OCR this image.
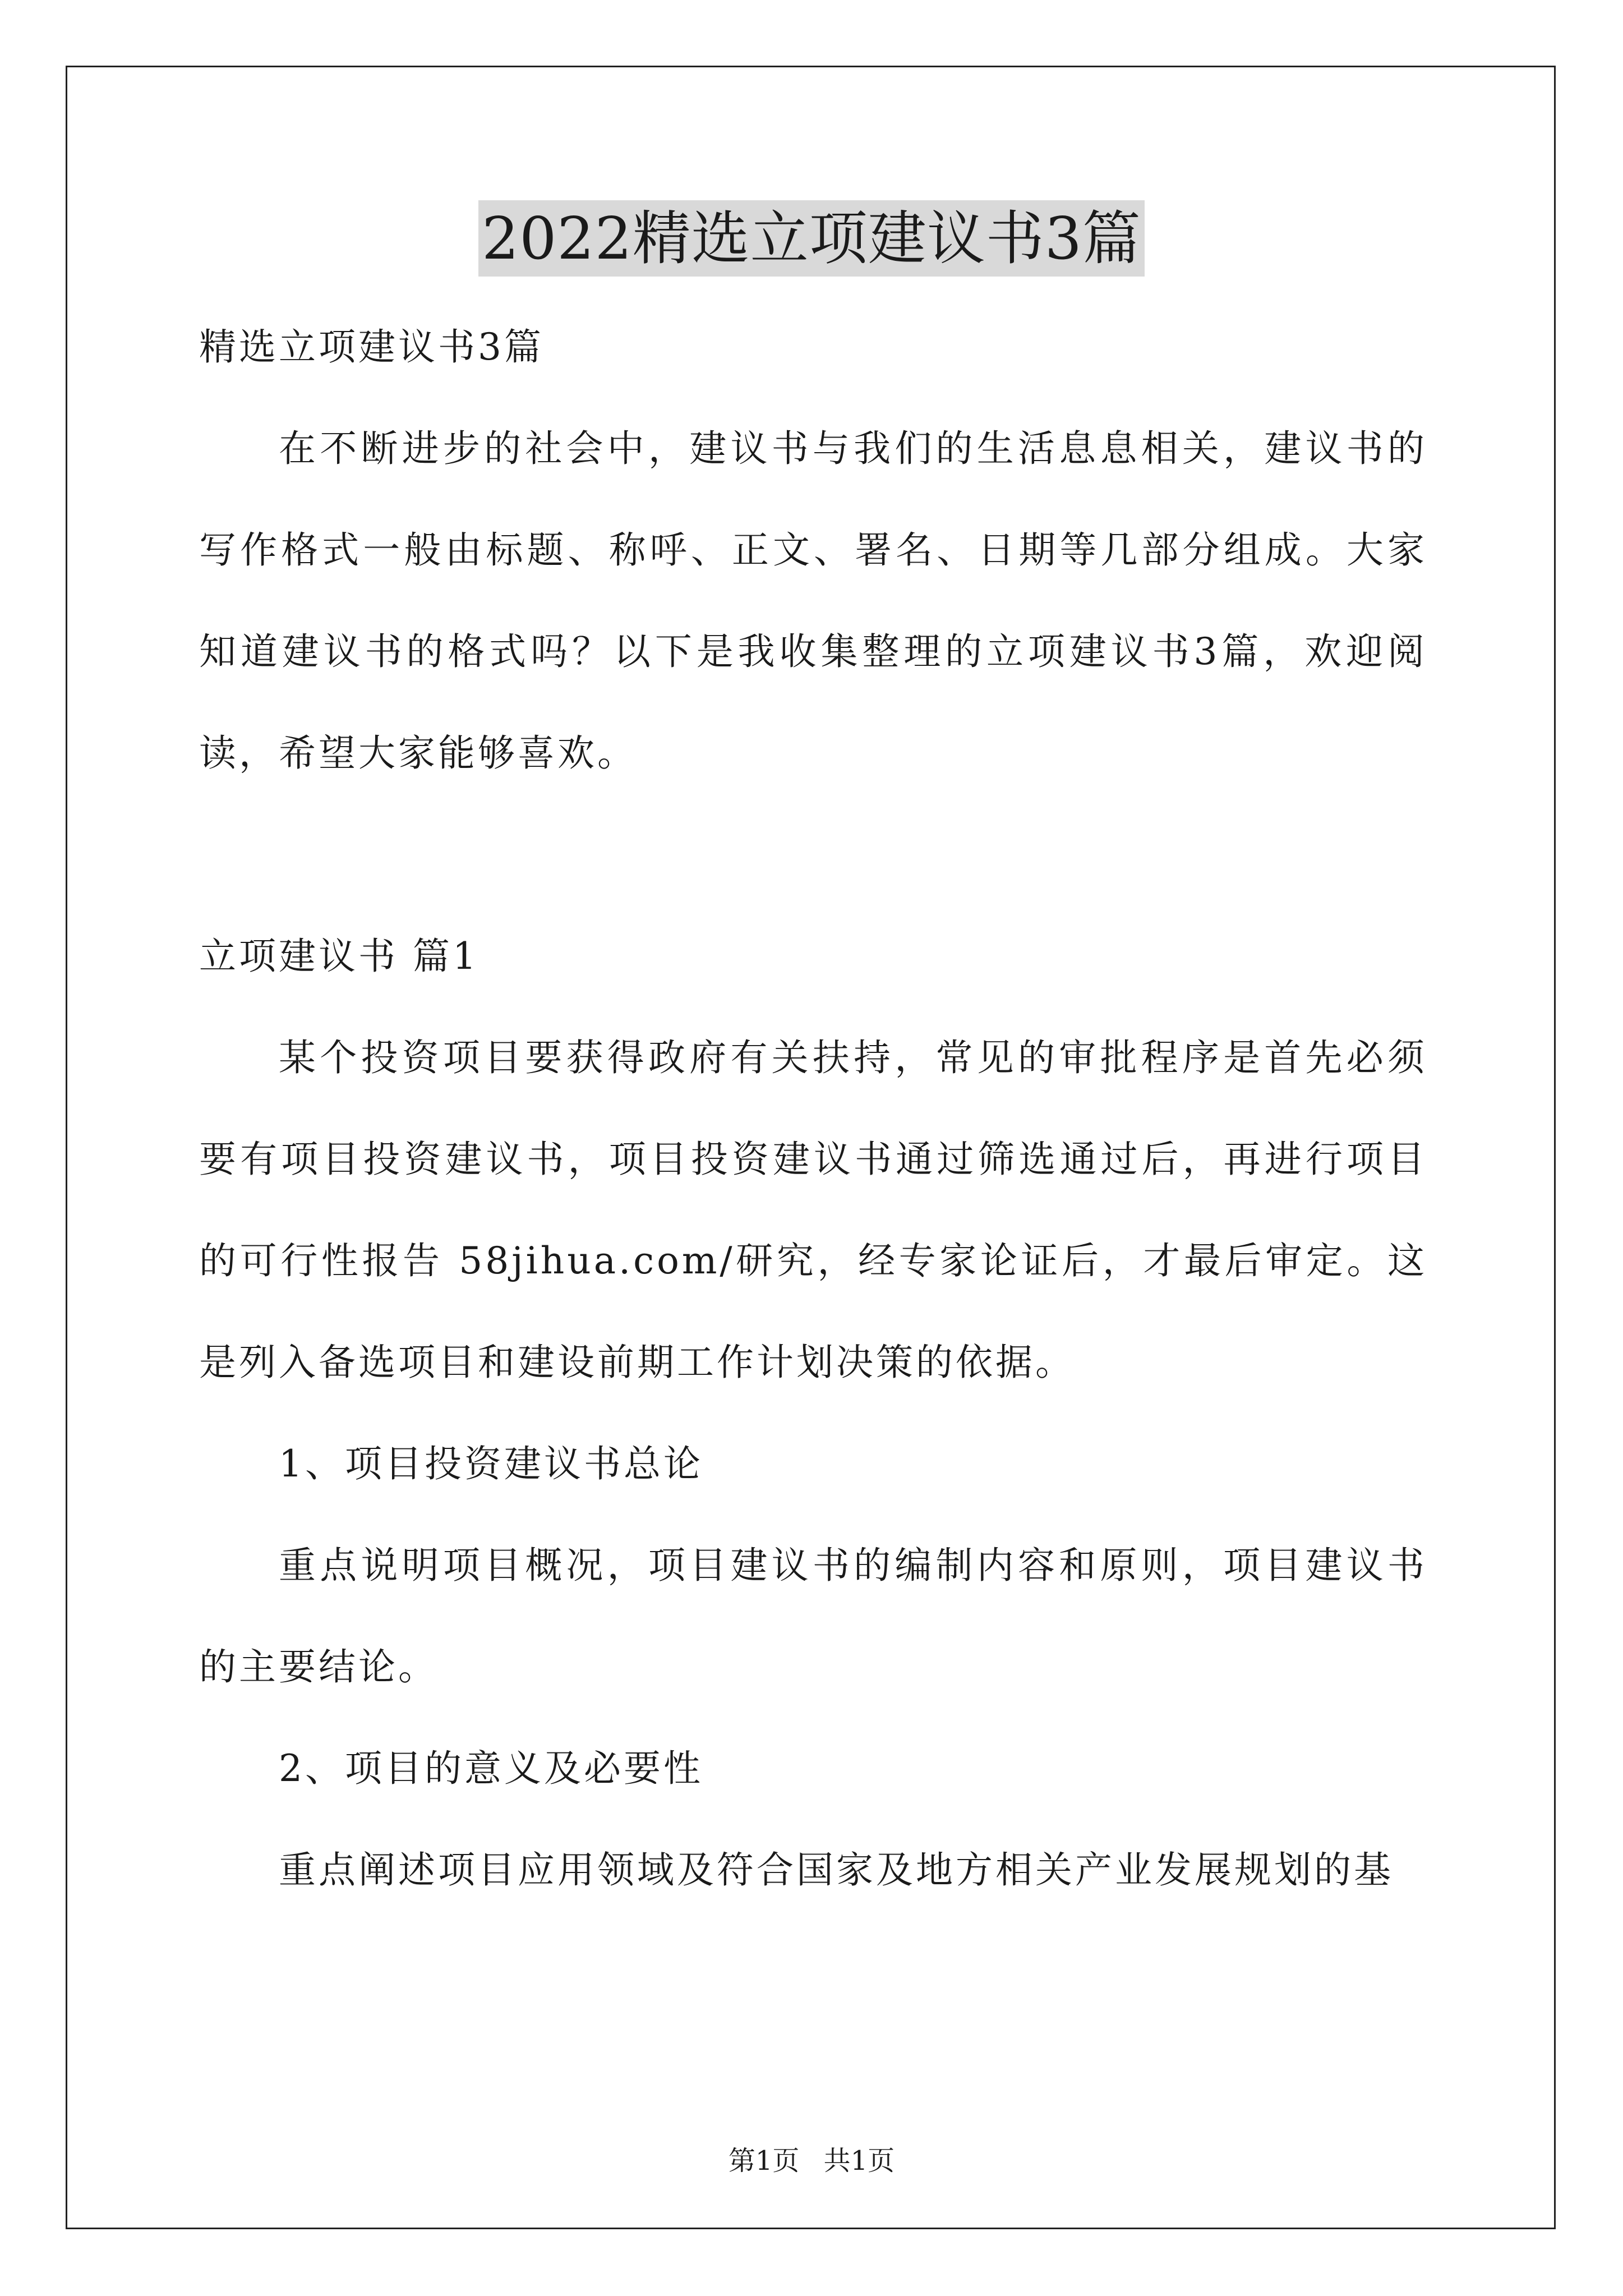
2022精选立项建议书3篇

精选立项建议书3篇

在不断进步的社会中，建议书与我们的生活息息相关，建议书的写作格式一般由标题、称呼、正文、署名、日期等几部分组成。大家知道建议书的格式吗？以下是我收集整理的立项建议书3篇，欢迎阅读，希望大家能够喜欢。

立项建议书 篇1

某个投资项目要获得政府有关扶持，常见的审批程序是首先必须要有项目投资建议书，项目投资建议书通过筛选通过后，再进行项目的可行性报告 58jihua.com/研究，经专家论证后，才最后审定。这是列入备选项目和建设前期工作计划决策的依据。

1、项目投资建议书总论

重点说明项目概况，项目建议书的编制内容和原则，项目建议书的主要结论。

2、项目的意义及必要性

重点阐述项目应用领域及符合国家及地方相关产业发展规划的基

第1页 共1页
